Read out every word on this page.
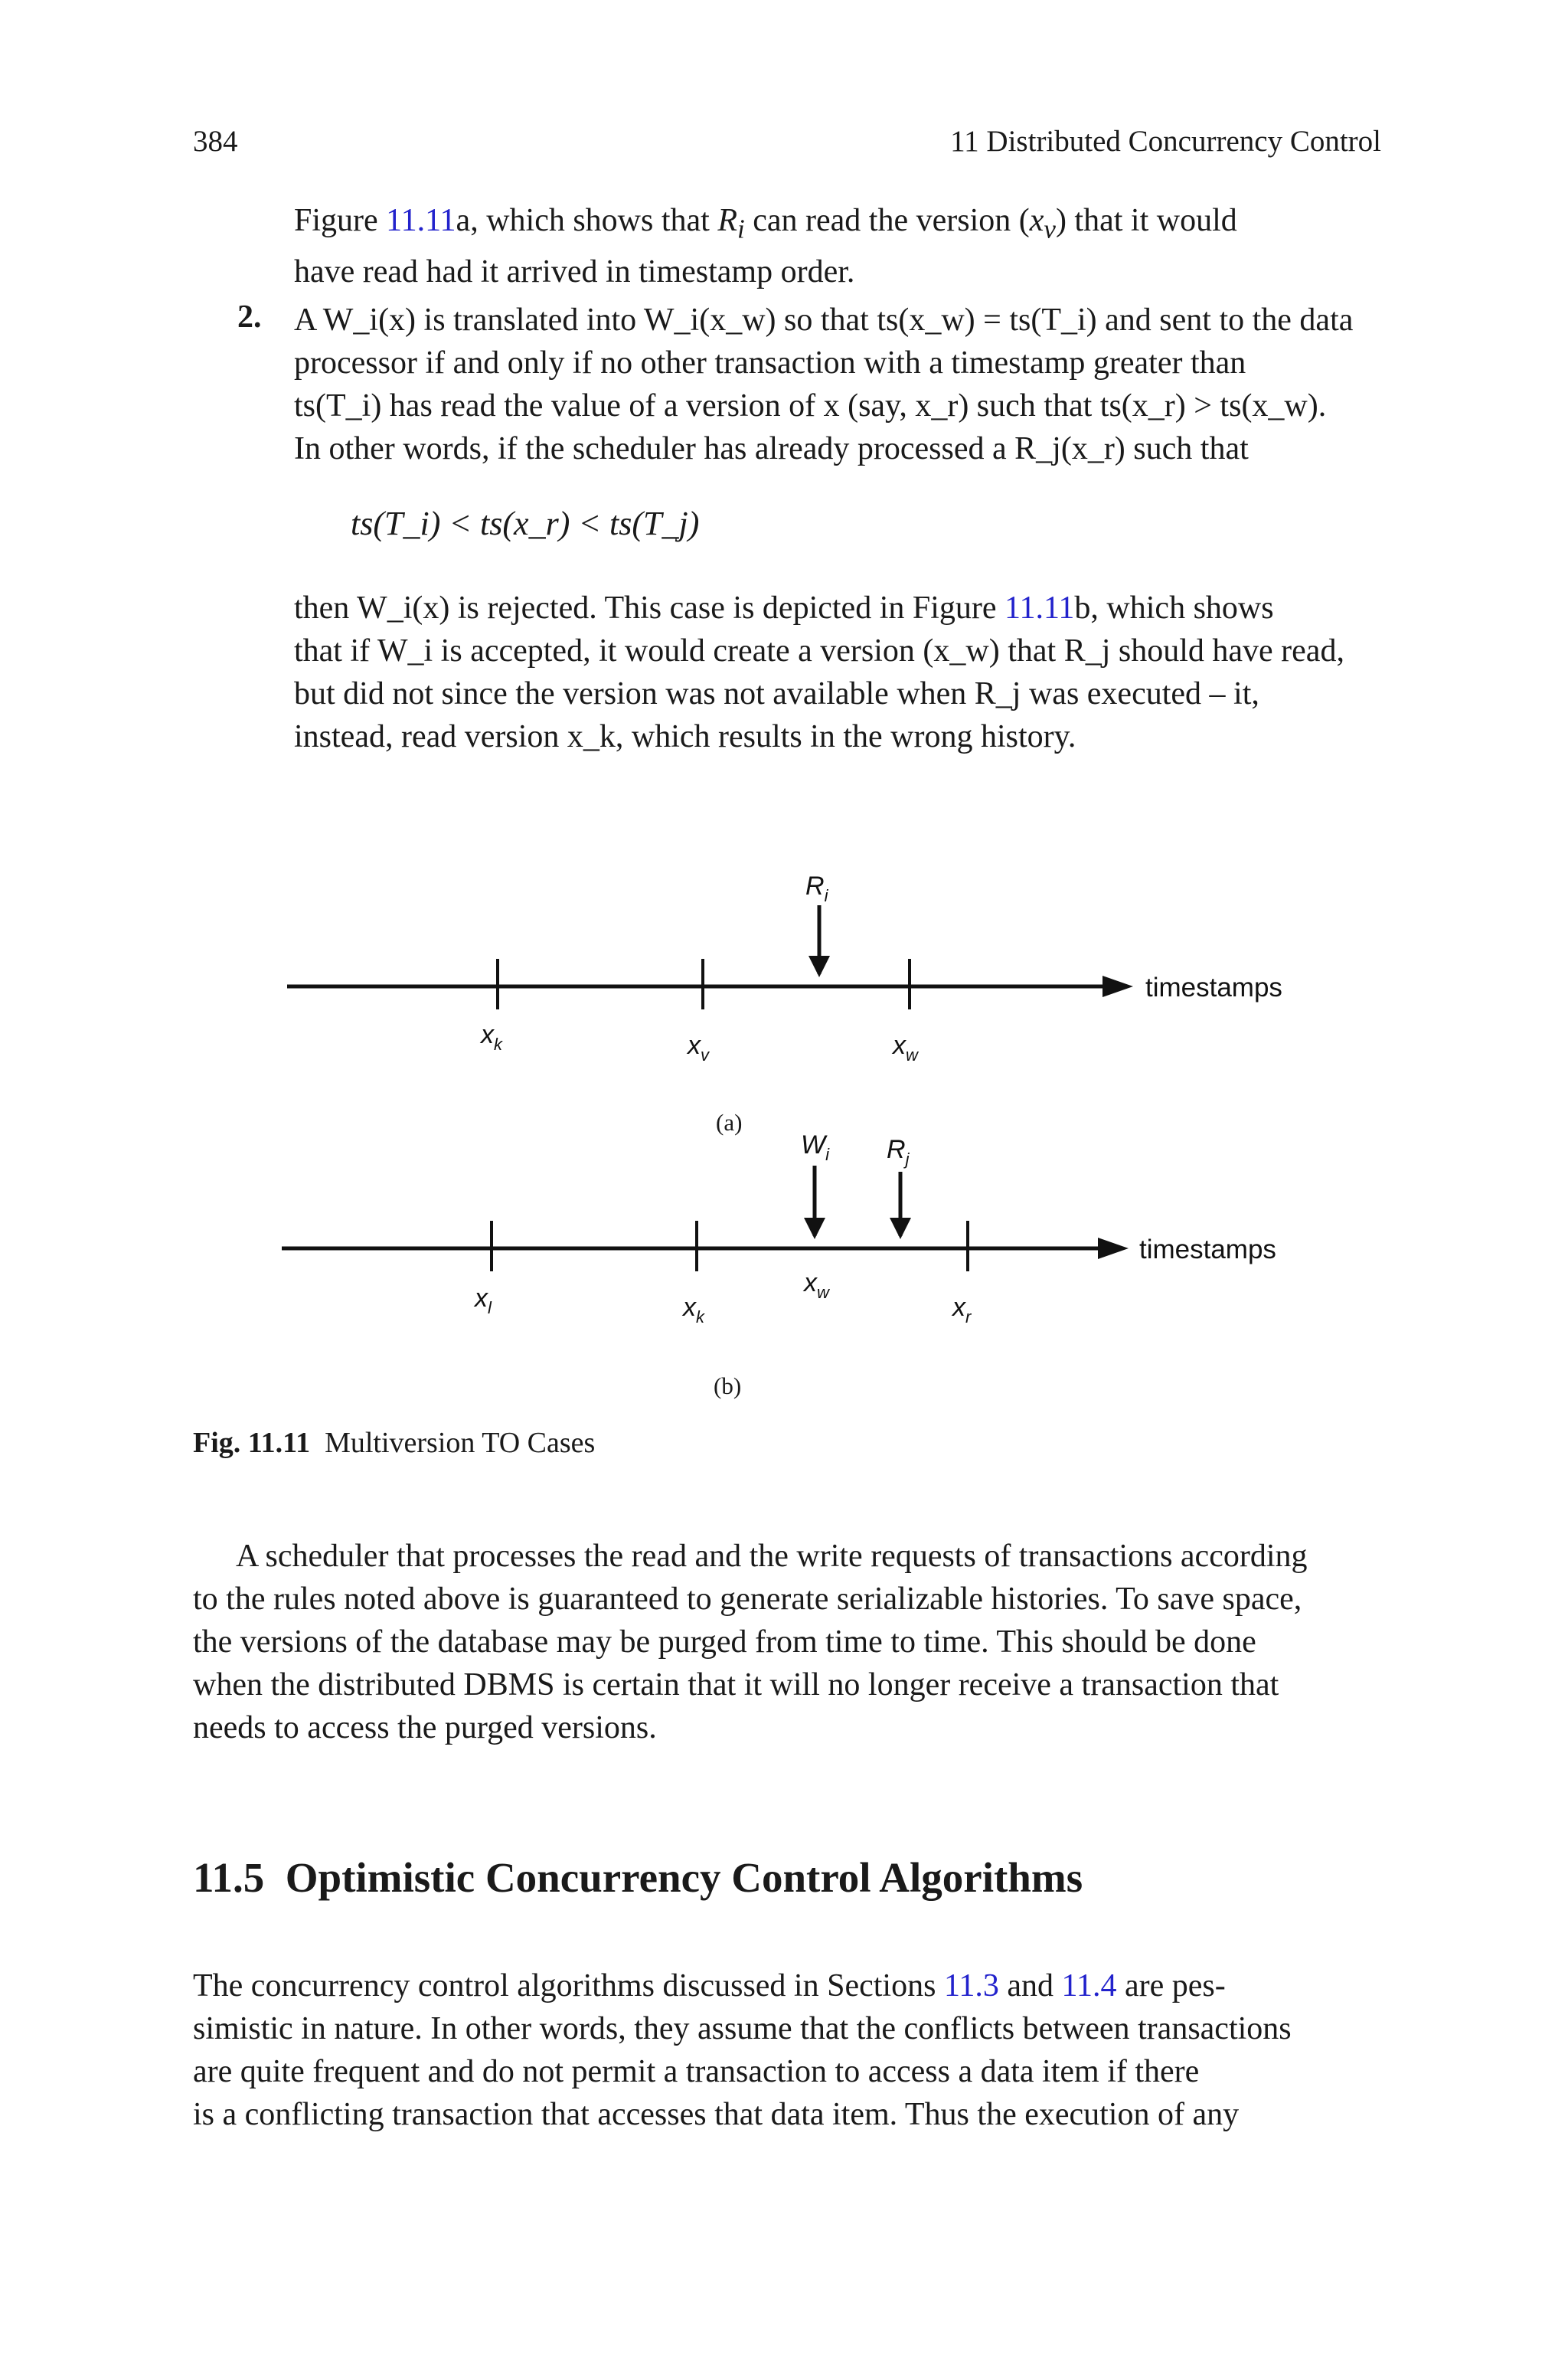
384	11 Distributed Concurrency Control
Figure 11.11a, which shows that $R_i$ can read the version $(x_v)$ that it would
have read had it arrived in timestamp order.
2. A W_i(x) is translated into W_i(x_w) so that ts(x_w) = ts(T_i) and sent to the data
processor if and only if no other transaction with a timestamp greater than
ts(T_i) has read the value of a version of x (say, x_r) such that ts(x_r) > ts(x_w).
In other words, if the scheduler has already processed a R_j(x_r) such that
ts(T_i) < ts(x_r) < ts(T_j)
then W_i(x) is rejected. This case is depicted in Figure 11.11b, which shows
that if W_i is accepted, it would create a version (x_w) that R_j should have read,
but did not since the version was not available when R_j was executed – it,
instead, read version x_k, which results in the wrong history.
timestamps
$x_k$	$x_v$	$x_w$
$R_i$
timestamps
$x_l$	$x_k$
$x_w$
$x_r$
$W_i$ $R_j$
(a)
(b)
Fig. 11.11 Multiversion TO Cases
A scheduler that processes the read and the write requests of transactions according
to the rules noted above is guaranteed to generate serializable histories. To save space,
the versions of the database may be purged from time to time. This should be done
when the distributed DBMS is certain that it will no longer receive a transaction that
needs to access the purged versions.
11.5 Optimistic Concurrency Control Algorithms
The concurrency control algorithms discussed in Sections 11.3 and 11.4 are pes-
simistic in nature. In other words, they assume that the conflicts between transactions
are quite frequent and do not permit a transaction to access a data item if there
is a conflicting transaction that accesses that data item. Thus the execution of any
